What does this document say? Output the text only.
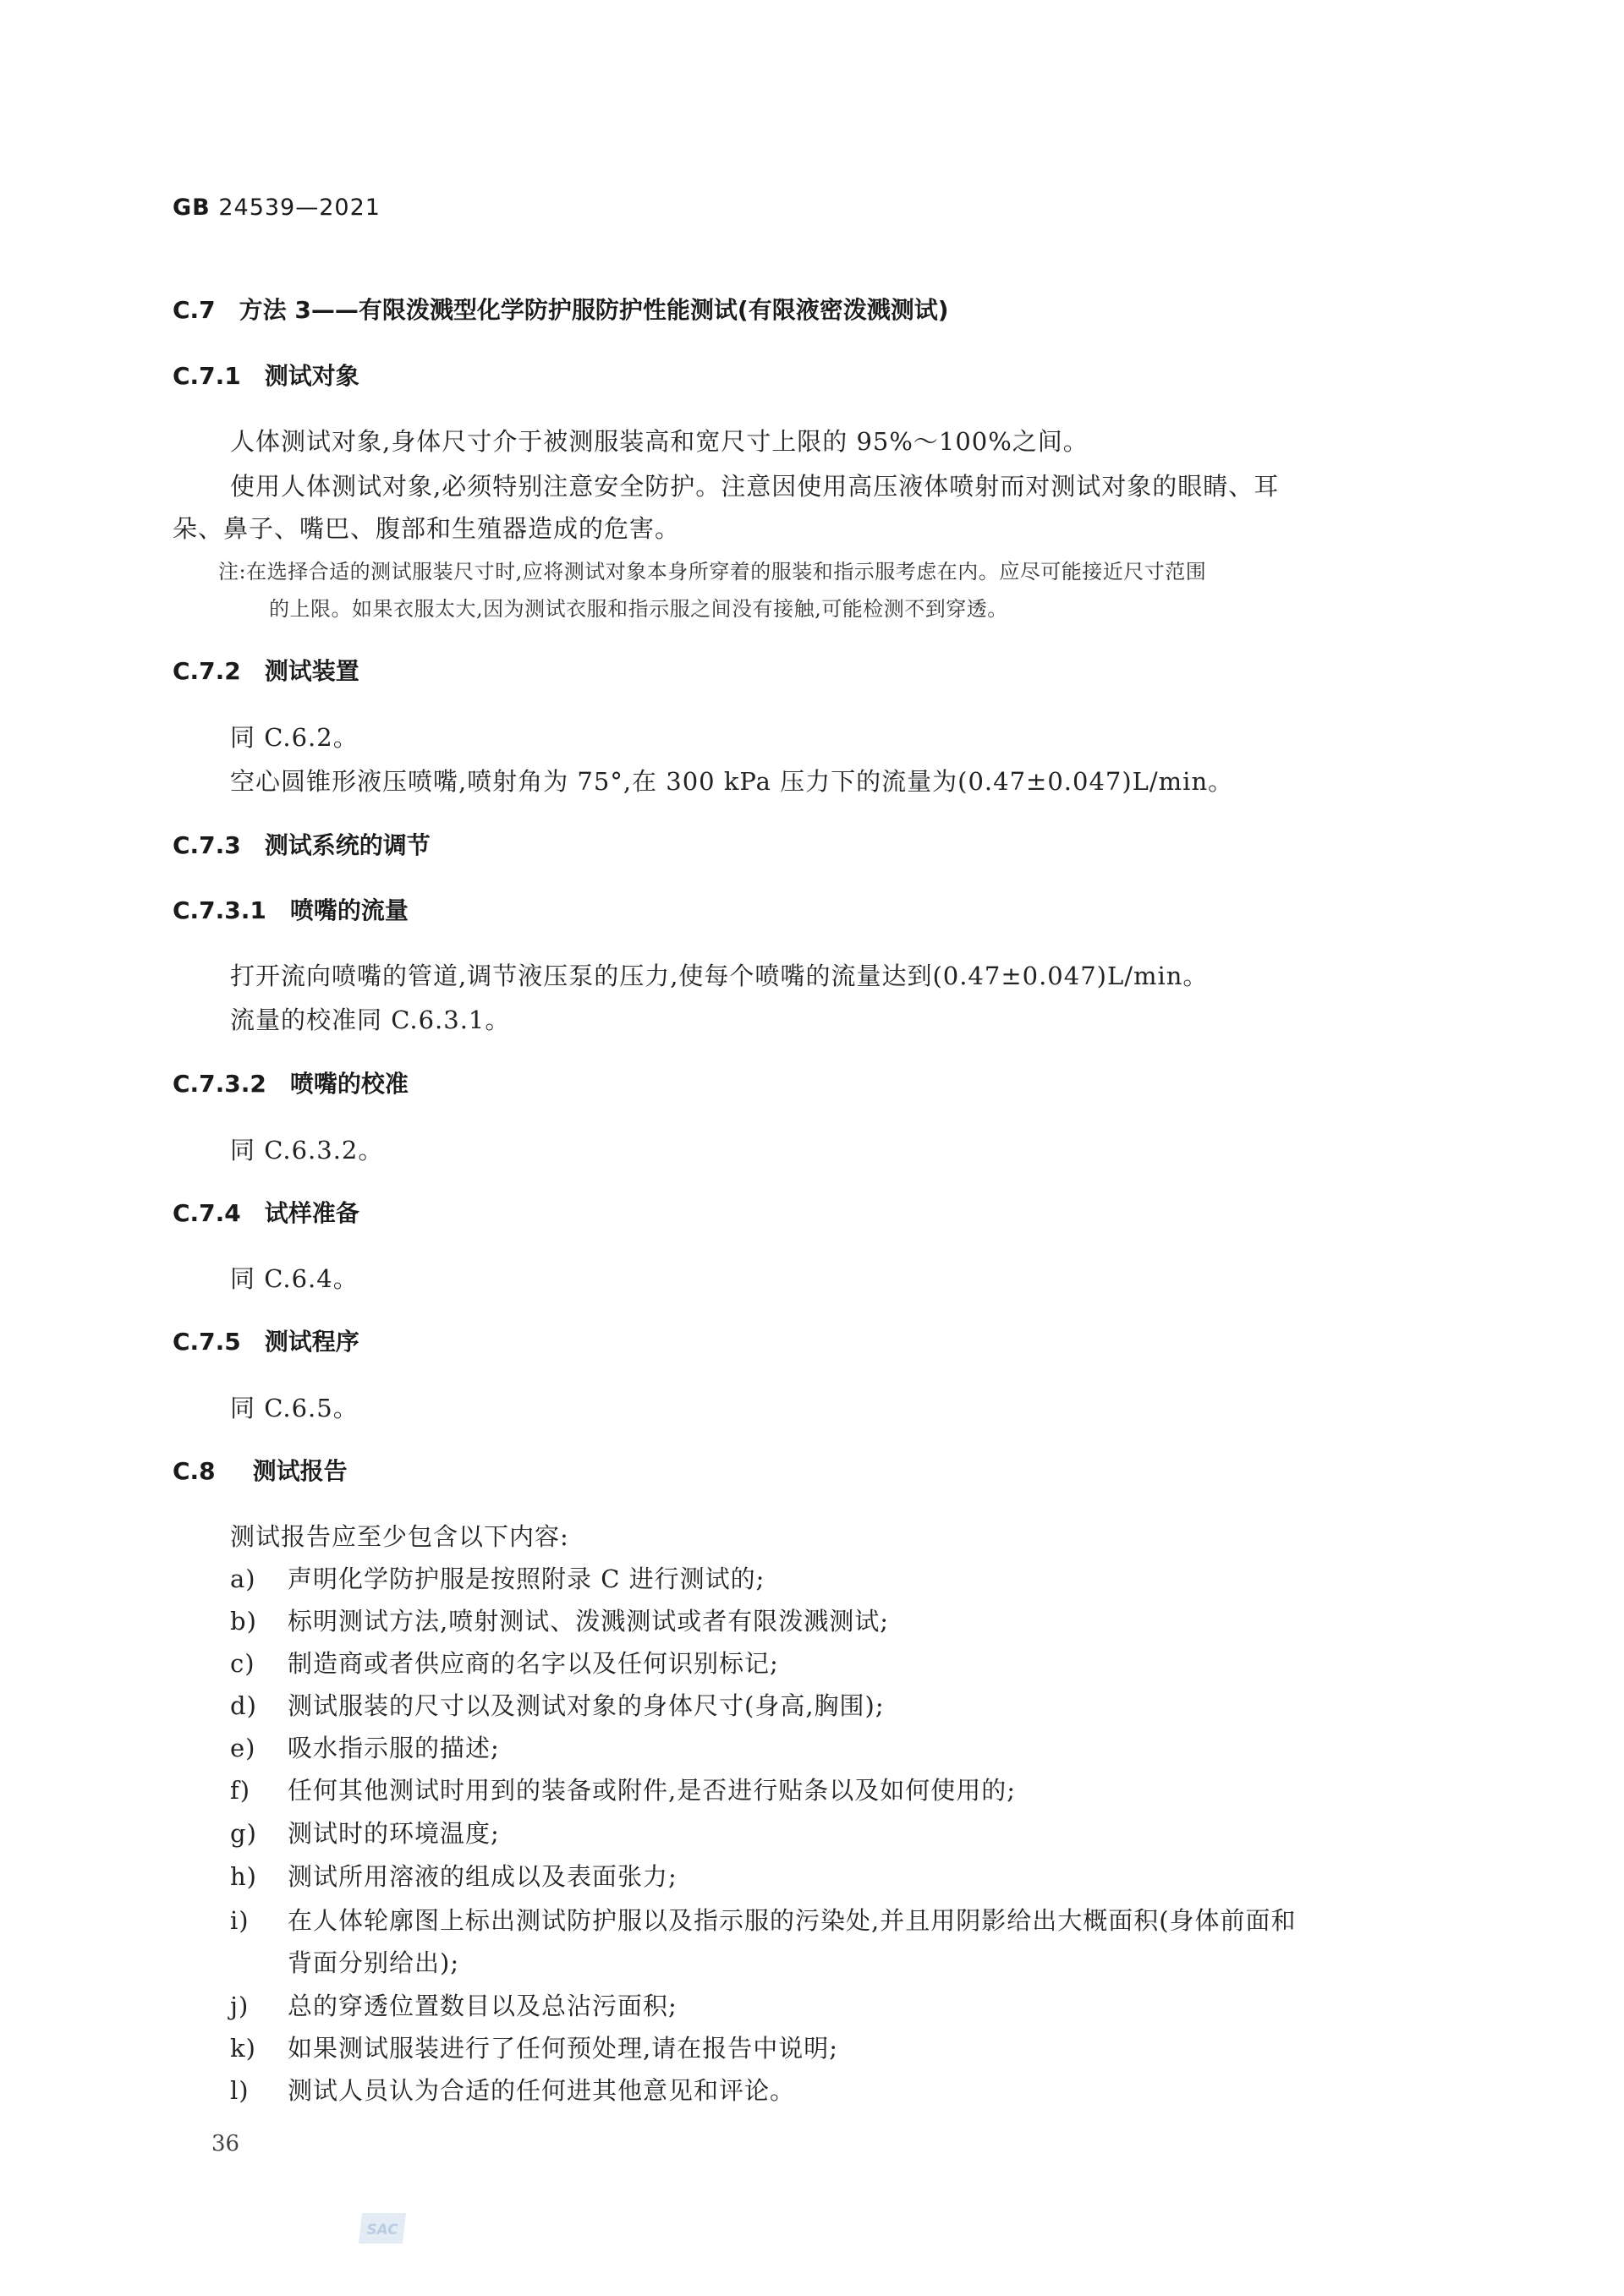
GB 24539—2021
C.7 方法 3——有限泼溅型化学防护服防护性能测试(有限液密泼溅测试)
C.7.1 测试对象
人体测试对象,身体尺寸介于被测服装高和宽尺寸上限的 95%～100%之间。
使用人体测试对象,必须特别注意安全防护。注意因使用高压液体喷射而对测试对象的眼睛、耳
朵、鼻子、嘴巴、腹部和生殖器造成的危害。
注:在选择合适的测试服装尺寸时,应将测试对象本身所穿着的服装和指示服考虑在内。应尽可能接近尺寸范围
的上限。如果衣服太大,因为测试衣服和指示服之间没有接触,可能检测不到穿透。
C.7.2 测试装置
同 C.6.2。
空心圆锥形液压喷嘴,喷射角为 75°,在 300 kPa 压力下的流量为(0.47±0.047)L/min。
C.7.3 测试系统的调节
C.7.3.1 喷嘴的流量
打开流向喷嘴的管道,调节液压泵的压力,使每个喷嘴的流量达到(0.47±0.047)L/min。
流量的校准同 C.6.3.1。
C.7.3.2 喷嘴的校准
同 C.6.3.2。
C.7.4 试样准备
同 C.6.4。
C.7.5 测试程序
同 C.6.5。
C.8 测试报告
测试报告应至少包含以下内容:
a) 声明化学防护服是按照附录 C 进行测试的;
b) 标明测试方法,喷射测试、泼溅测试或者有限泼溅测试;
c) 制造商或者供应商的名字以及任何识别标记;
d) 测试服装的尺寸以及测试对象的身体尺寸(身高,胸围);
e) 吸水指示服的描述;
f) 任何其他测试时用到的装备或附件,是否进行贴条以及如何使用的;
g) 测试时的环境温度;
h) 测试所用溶液的组成以及表面张力;
i) 在人体轮廓图上标出测试防护服以及指示服的污染处,并且用阴影给出大概面积(身体前面和
背面分别给出);
j) 总的穿透位置数目以及总沾污面积;
k) 如果测试服装进行了任何预处理,请在报告中说明;
l) 测试人员认为合适的任何进其他意见和评论。
36
SAC
